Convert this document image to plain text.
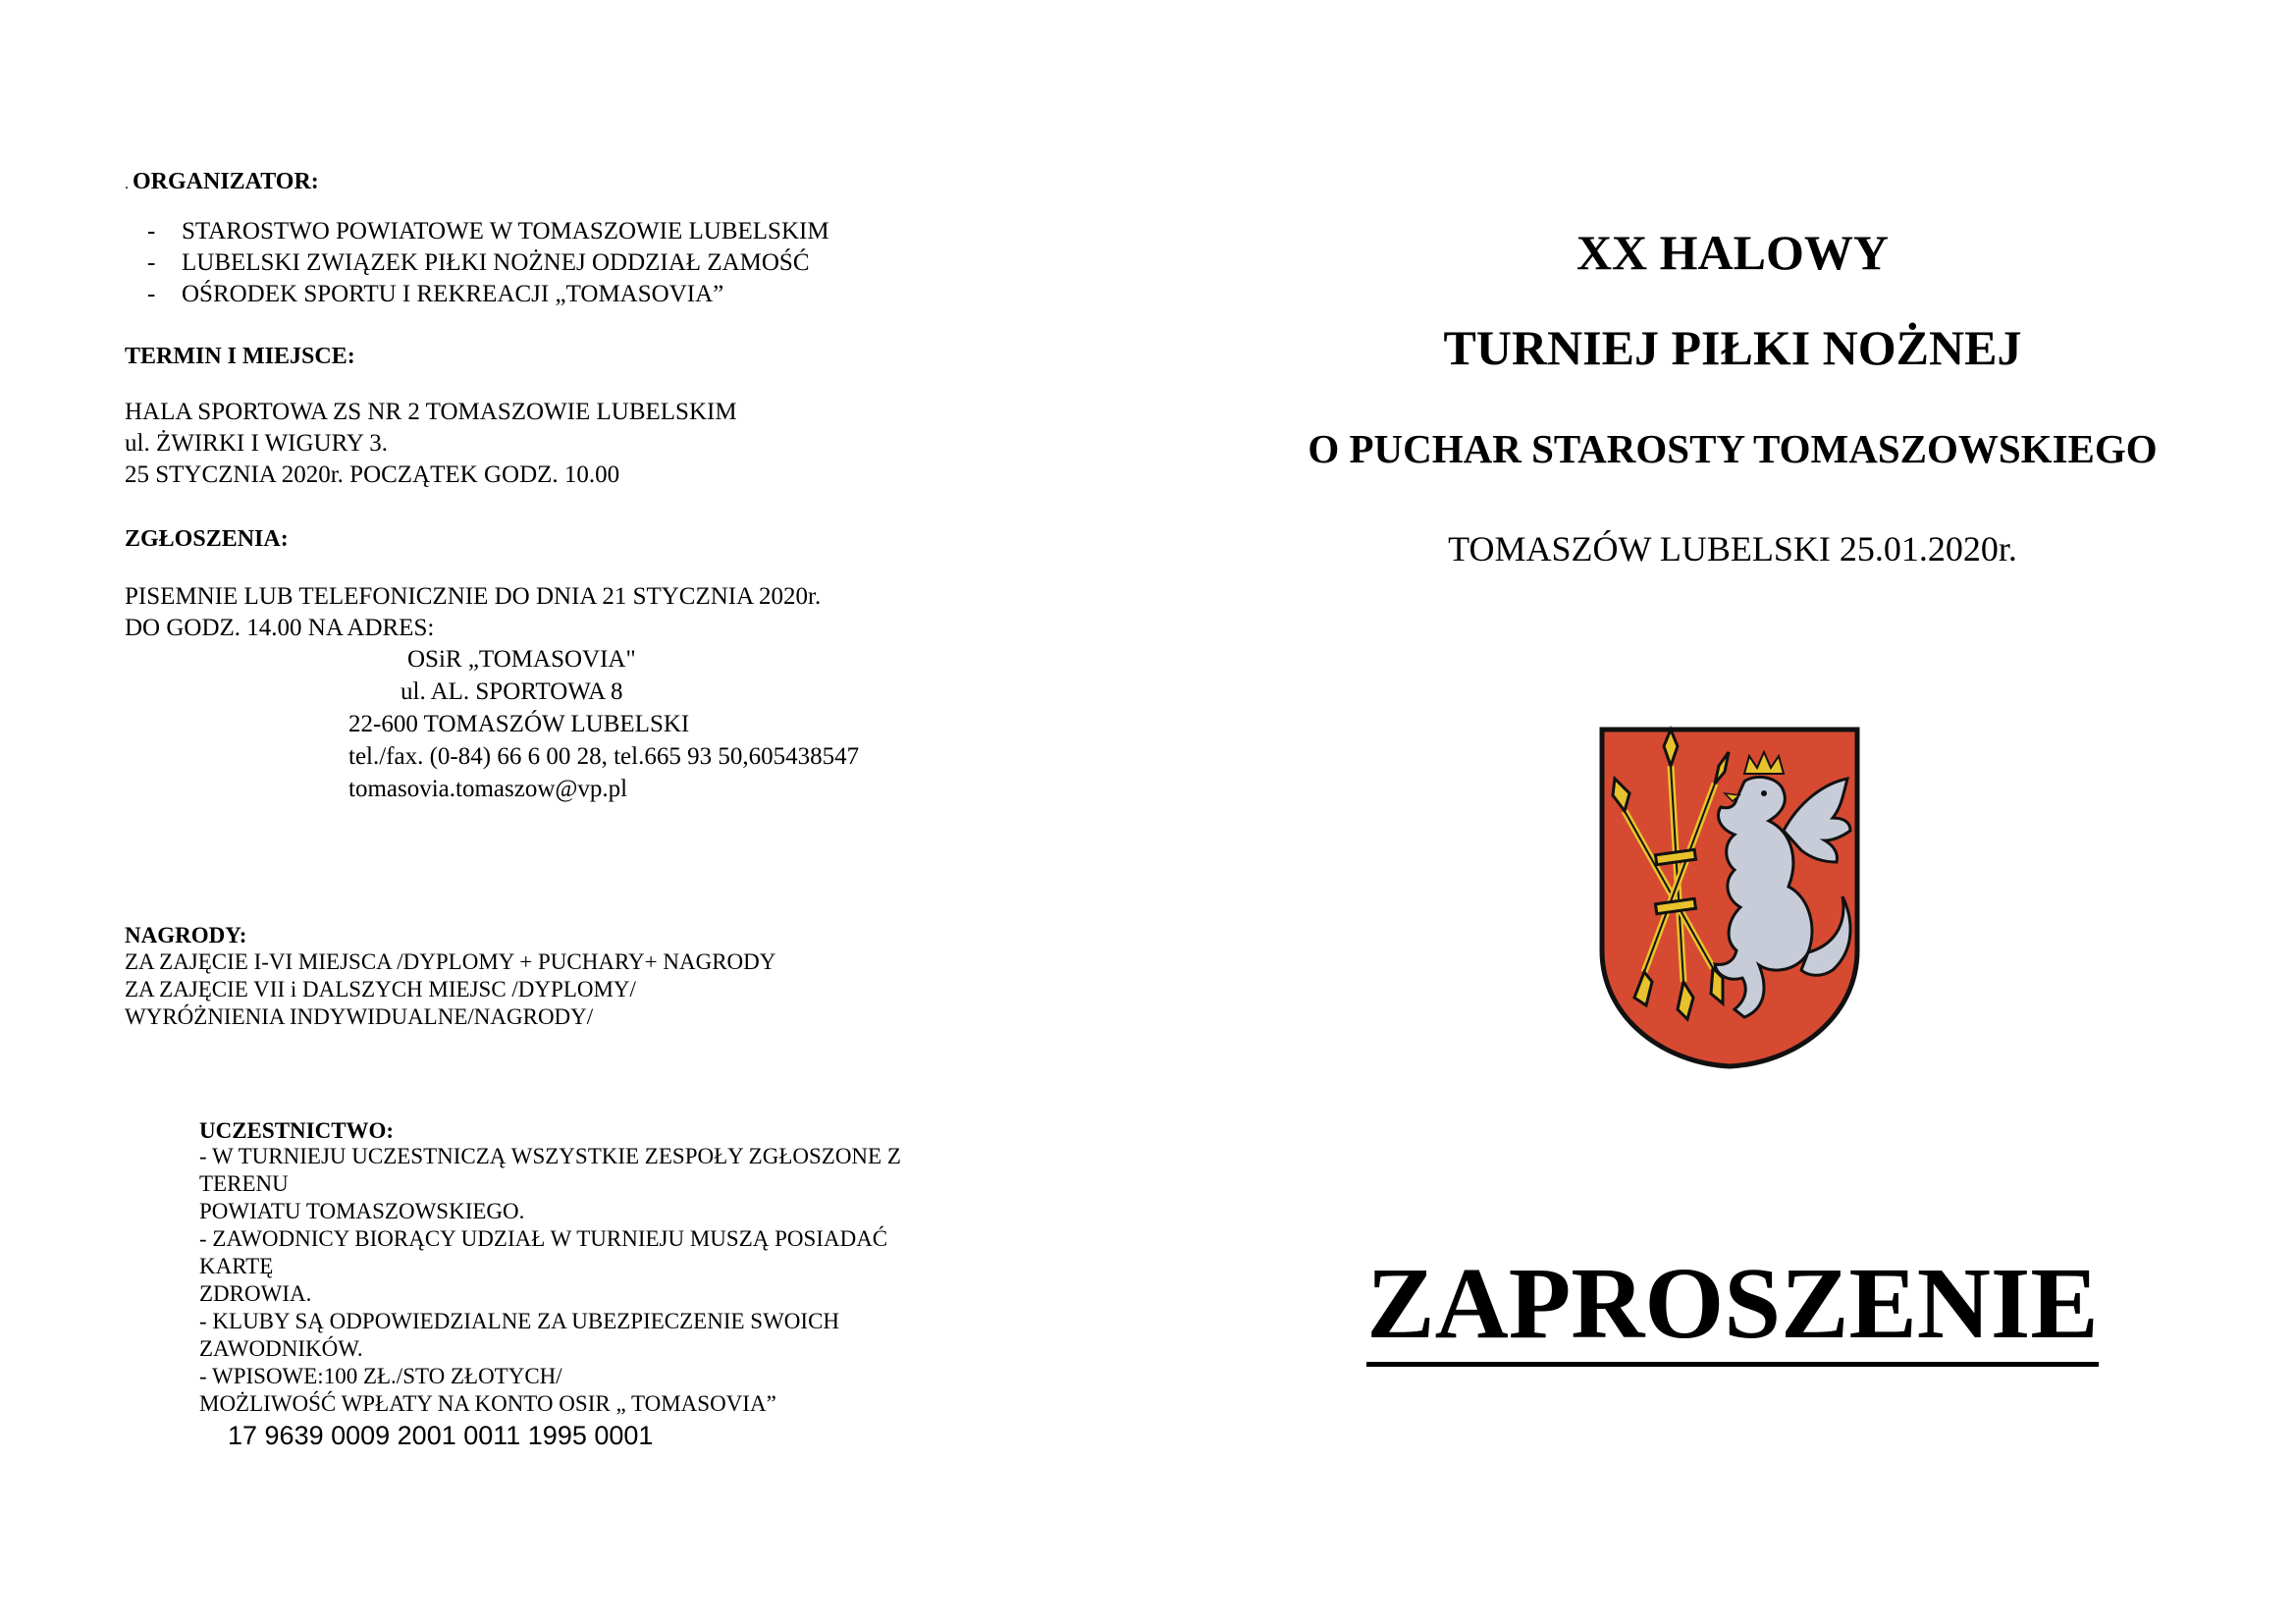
. ORGANIZATOR:
- STAROSTWO POWIATOWE W TOMASZOWIE LUBELSKIM
- LUBELSKI ZWIĄZEK PIŁKI NOŻNEJ ODDZIAŁ ZAMOŚĆ
- OŚRODEK SPORTU I REKREACJI „TOMASOVIA”
TERMIN I MIEJSCE:
HALA SPORTOWA ZS NR 2 TOMASZOWIE LUBELSKIM
ul. ŻWIRKI I WIGURY 3.
25 STYCZNIA 2020r. POCZĄTEK GODZ. 10.00
ZGŁOSZENIA:
PISEMNIE LUB TELEFONICZNIE DO DNIA 21 STYCZNIA 2020r.
DO GODZ. 14.00 NA ADRES:
OSiR „TOMASOVIA"
ul. AL. SPORTOWA 8
22-600 TOMASZÓW LUBELSKI
tel./fax. (0-84) 66 6 00 28, tel.665 93 50,605438547
tomasovia.tomaszow@vp.pl
NAGRODY:
ZA ZAJĘCIE I-VI MIEJSCA /DYPLOMY + PUCHARY+ NAGRODY
ZA ZAJĘCIE VII i DALSZYCH MIEJSC /DYPLOMY/
WYRÓŻNIENIA INDYWIDUALNE/NAGRODY/
UCZESTNICTWO:
- W TURNIEJU UCZESTNICZĄ WSZYSTKIE ZESPOŁY ZGŁOSZONE Z
TERENU
POWIATU TOMASZOWSKIEGO.
- ZAWODNICY BIORĄCY UDZIAŁ W TURNIEJU MUSZĄ POSIADAĆ
KARTĘ
ZDROWIA.
- KLUBY SĄ ODPOWIEDZIALNE ZA UBEZPIECZENIE SWOICH
ZAWODNIKÓW.
- WPISOWE:100 ZŁ./STO ZŁOTYCH/
MOŻLIWOŚĆ WPŁATY NA KONTO OSIR „ TOMASOVIA”
17 9639 0009 2001 0011 1995 0001
XX HALOWY
TURNIEJ PIŁKI NOŻNEJ
O PUCHAR STAROSTY TOMASZOWSKIEGO
TOMASZÓW LUBELSKI 25.01.2020r.
ZAPROSZENIE
